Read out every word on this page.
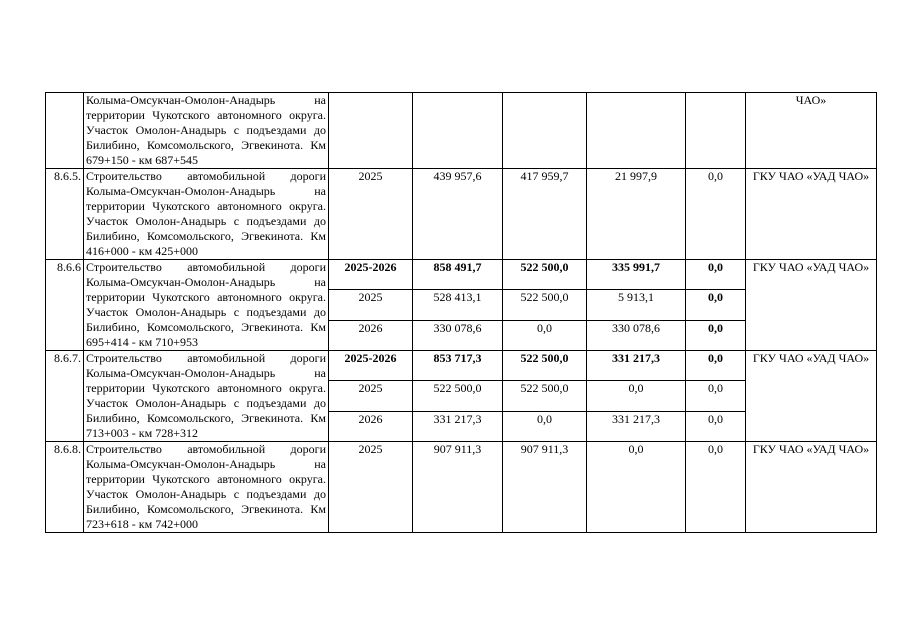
	Колыма-Омсукчан-Омолон-Анадырь на территории Чукотского автономного округа. Участок Омолон-Анадырь с подъездами до Билибино, Комсомольского, Эгвекинота. Км 679+150 - км 687+545						ЧАО»
8.6.5.	Строительство автомобильной дороги Колыма-Омсукчан-Омолон-Анадырь на территории Чукотского автономного округа. Участок Омолон-Анадырь с подъездами до Билибино, Комсомольского, Эгвекинота. Км 416+000 - км 425+000	2025	439 957,6	417 959,7	21 997,9	0,0	ГКУ ЧАО «УАД ЧАО»
8.6.6	Строительство автомобильной дороги Колыма-Омсукчан-Омолон-Анадырь на территории Чукотского автономного округа. Участок Омолон-Анадырь с подъездами до Билибино, Комсомольского, Эгвекинота. Км 695+414 - км 710+953	2025-2026	858 491,7	522 500,0	335 991,7	0,0	ГКУ ЧАО «УАД ЧАО»
		2025	528 413,1	522 500,0	5 913,1	0,0	
		2026	330 078,6	0,0	330 078,6	0,0	
8.6.7.	Строительство автомобильной дороги Колыма-Омсукчан-Омолон-Анадырь на территории Чукотского автономного округа. Участок Омолон-Анадырь с подъездами до Билибино, Комсомольского, Эгвекинота. Км 713+003 - км 728+312	2025-2026	853 717,3	522 500,0	331 217,3	0,0	ГКУ ЧАО «УАД ЧАО»
		2025	522 500,0	522 500,0	0,0	0,0	
		2026	331 217,3	0,0	331 217,3	0,0	
8.6.8.	Строительство автомобильной дороги Колыма-Омсукчан-Омолон-Анадырь на территории Чукотского автономного округа. Участок Омолон-Анадырь с подъездами до Билибино, Комсомольского, Эгвекинота. Км 723+618 - км 742+000	2025	907 911,3	907 911,3	0,0	0,0	ГКУ ЧАО «УАД ЧАО»
